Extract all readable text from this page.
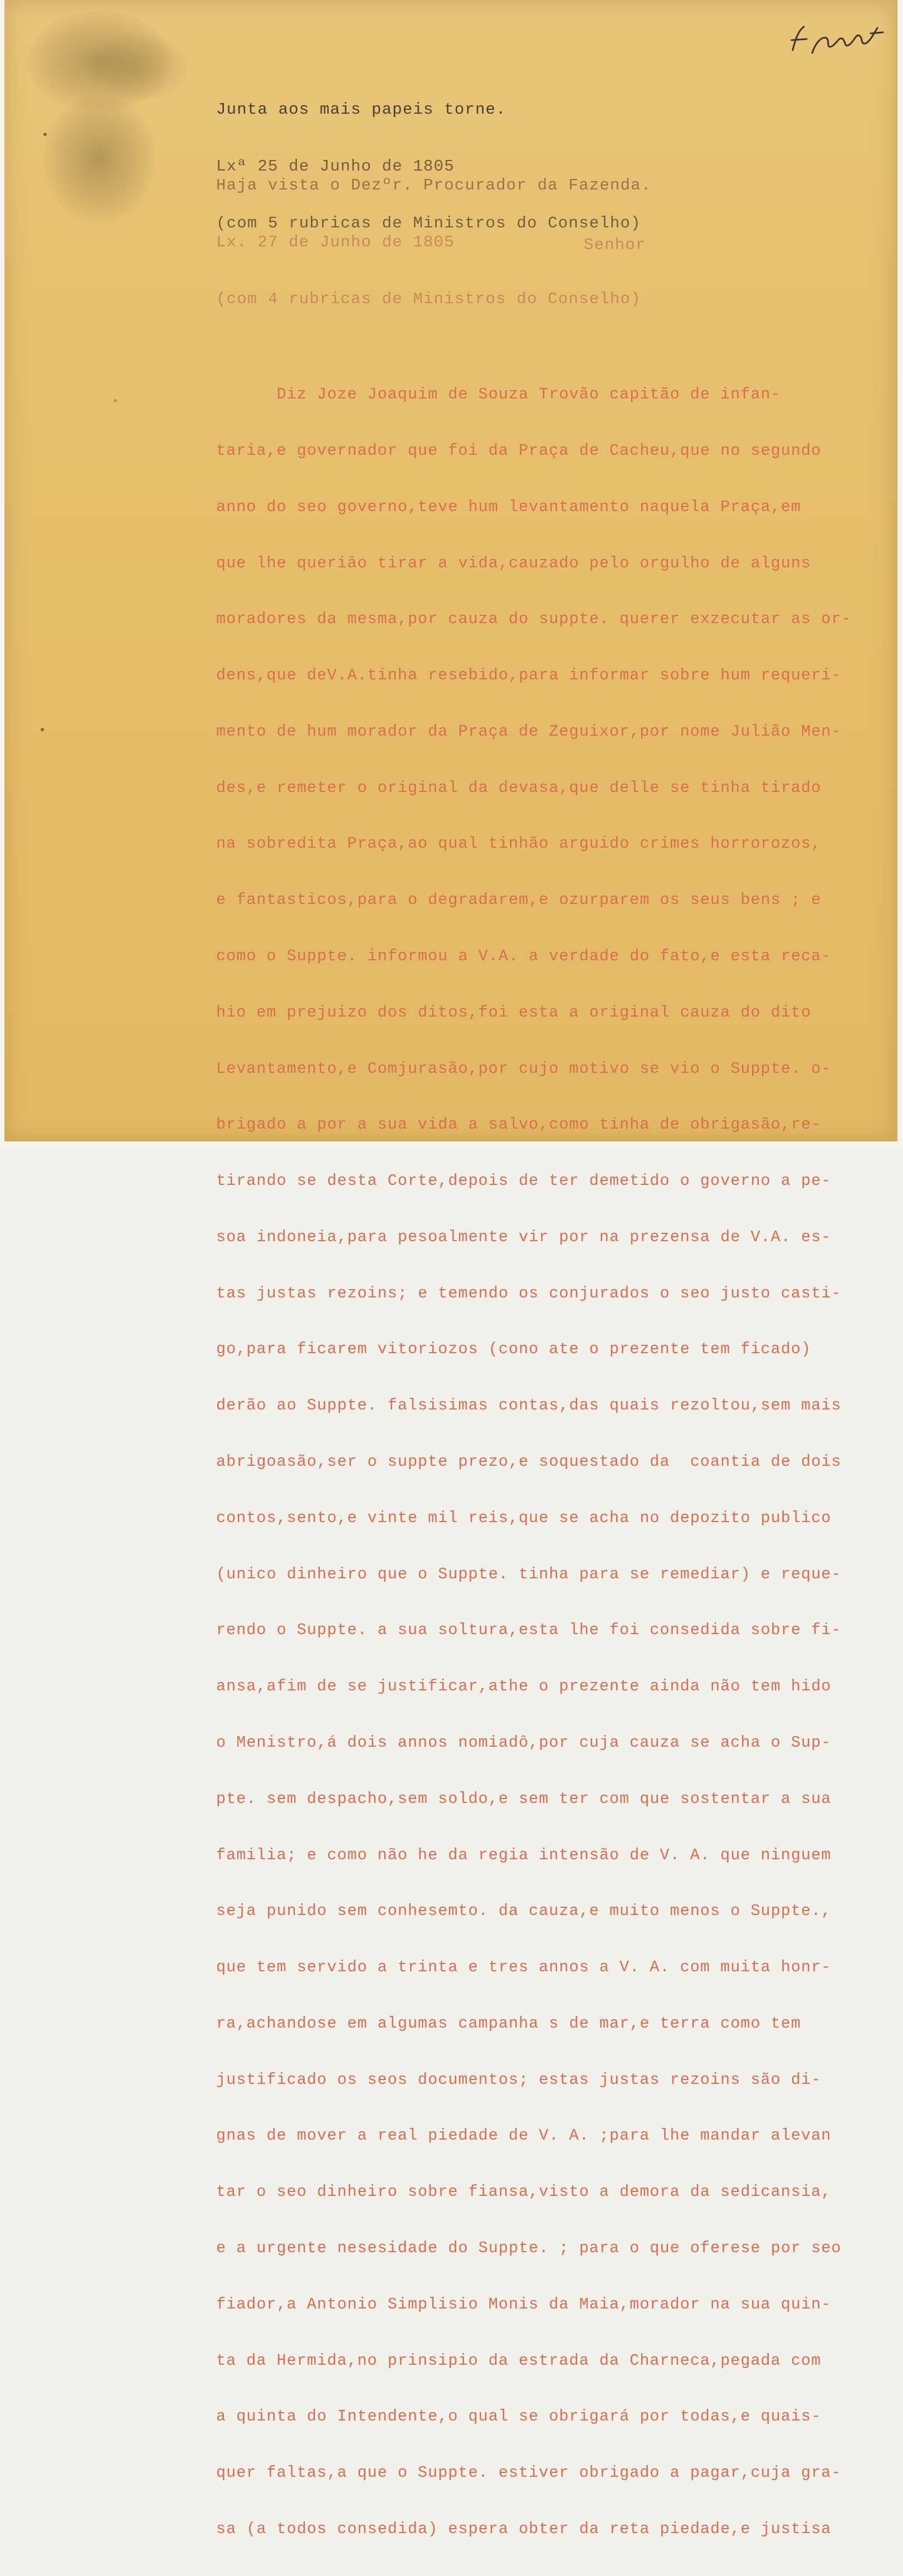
Junta aos mais papeis torne.

Lxª 25 de Junho de 1805

(com 5 rubricas de Ministros do Conselho)

Haja vista o Dezºr. Procurador da Fazenda.

Lx. 27 de Junho de 1805

(com 4 rubricas de Ministros do Conselho)

Senhor

Diz Joze Joaquim de Souza Trovão capitão de infan-

taria,e governador que foi da Praça de Cacheu,que no segundo

anno do seo governo,teve hum levantamento naquela Praça,em

que lhe queriâo tirar a vida,cauzado pelo orgulho de alguns

moradores da mesma,por cauza do suppte. querer exzecutar as or-

dens,que deV.A.tinha resebido,para informar sobre hum requeri-

mento de hum morador da Praça de Zeguixor,por nome Julião Men-

des,e remeter o original da devasa,que delle se tinha tirado

na sobredita Praça,ao qual tinhão arguido crimes horrorozos,

e fantasticos,para o degradarem,e ozurparem os seus bens ; e

como o Suppte. informou a V.A. a verdade do fato,e esta reca-

hio em prejuizo dos ditos,foi esta a original cauza do dito

Levantamento,e Comjurasão,por cujo motivo se vio o Suppte. o-

brigado a por a sua vida a salvo,como tinha de obrigasão,re-

tirando se desta Corte,depois de ter demetido o governo a pe-

soa indoneia,para pesoalmente vir por na prezensa de V.A. es-

tas justas rezoins; e temendo os conjurados o seo justo casti-

go,para ficarem vitoriozos (cono ate o prezente tem ficado)

derão ao Suppte. falsisimas contas,das quais rezoltou,sem mais

abrigoasão,ser o suppte prezo,e soquestado da  coantia de dois

contos,sento,e vinte mil reis,que se acha no depozito publico

(unico dinheiro que o Suppte. tinha para se remediar) e reque-

rendo o Suppte. a sua soltura,esta lhe foi consedida sobre fi-

ansa,afim de se justificar,athe o prezente ainda não tem hido

o Menistro,á dois annos nomiadô,por cuja cauza se acha o Sup-

pte. sem despacho,sem soldo,e sem ter com que sostentar a sua

familia; e como não he da regia intensão de V. A. que ninguem

seja punido sem conhesemto. da cauza,e muito menos o Suppte.,

que tem servido a trinta e tres annos a V. A. com muita honr-

ra,achandose em algumas campanha s de mar,e terra como tem

justificado os seos documentos; estas justas rezoins são di-

gnas de mover a real piedade de V. A. ;para lhe mandar alevan

tar o seo dinheiro sobre fiansa,visto a demora da sedicansia,

e a urgente nesesidade do Suppte. ; para o que oferese por seo

fiador,a Antonio Simplisio Monis da Maia,morador na sua quin-

ta da Hermida,no prinsipio da estrada da Charneca,pegada com

a quinta do Intendente,o qual se obrigará por todas,e quais-

quer faltas,a que o Suppte. estiver obrigado a pagar,cuja gra-

sa (a todos consedida) espera obter da reta piedade,e justisa
